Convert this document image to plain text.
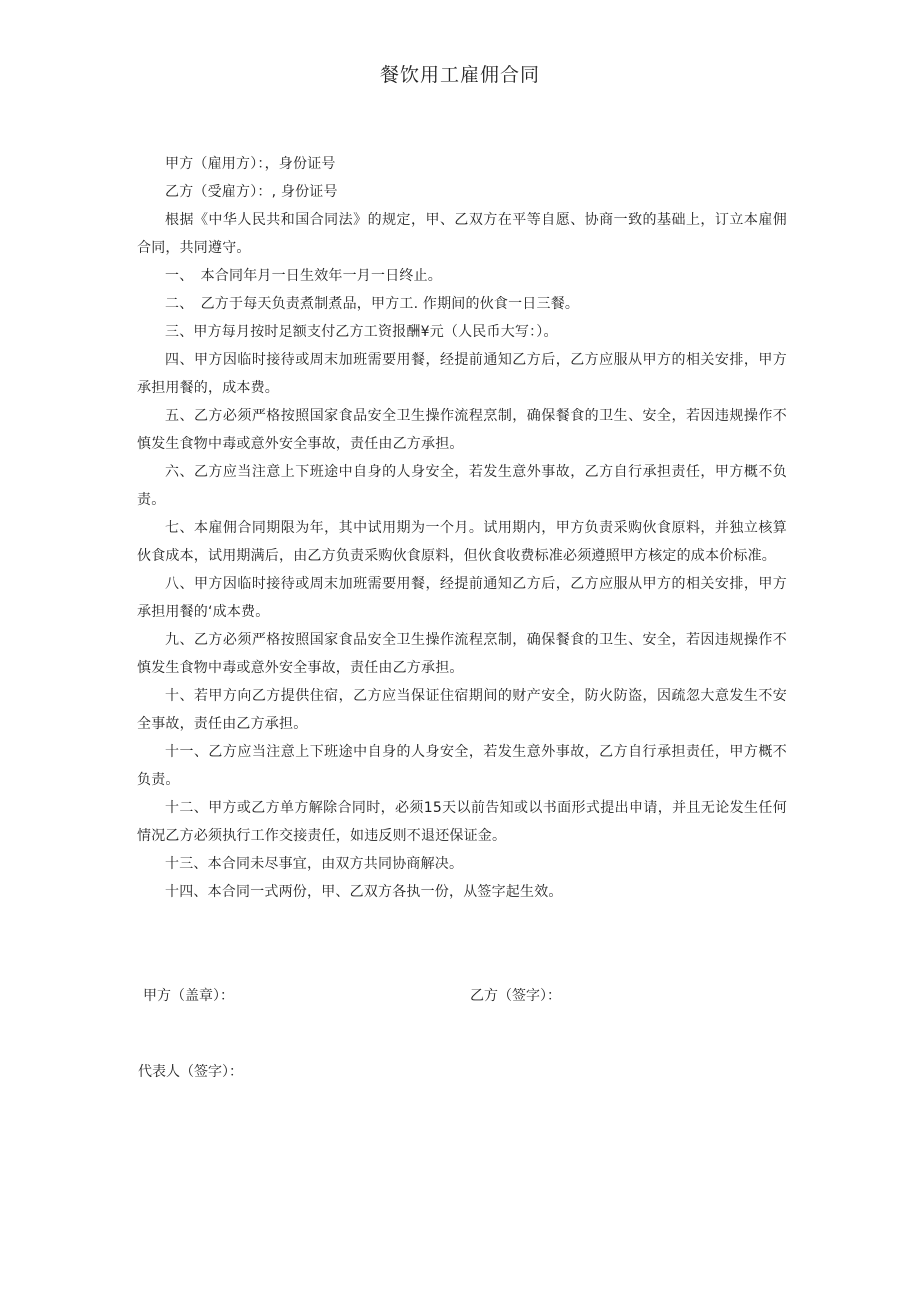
餐饮用工雇佣合同

甲方（雇用方）：，身份证号

乙方（受雇方）：, 身份证号

根据《中华人民共和国合同法》的规定，甲、乙双方在平等自愿、协商一致的基础上，订立本雇佣合同，共同遵守。

一、　本合同年月一日生效年一月一日终止。

二、　乙方于每天负责煮制煮品，甲方工. 作期间的伙食一日三餐。

三、甲方每月按时足额支付乙方工资报酬¥元（人民币大写：）。

四、甲方因临时接待或周末加班需要用餐，经提前通知乙方后，乙方应服从甲方的相关安排，甲方承担用餐的，成本费。

五、乙方必须严格按照国家食品安全卫生操作流程烹制，确保餐食的卫生、安全，若因违规操作不慎发生食物中毒或意外安全事故，责任由乙方承担。

六、乙方应当注意上下班途中自身的人身安全，若发生意外事故，乙方自行承担责任，甲方概不负责。

七、本雇佣合同期限为年，其中试用期为一个月。试用期内，甲方负责采购伙食原料，并独立核算伙食成本，试用期满后，由乙方负责采购伙食原料，但伙食收费标准必须遵照甲方核定的成本价标准。

八、甲方因临时接待或周末加班需要用餐，经提前通知乙方后，乙方应服从甲方的相关安排，甲方承担用餐的‘成本费。

九、乙方必须严格按照国家食品安全卫生操作流程烹制，确保餐食的卫生、安全，若因违规操作不慎发生食物中毒或意外安全事故，责任由乙方承担。

十、若甲方向乙方提供住宿，乙方应当保证住宿期间的财产安全，防火防盗，因疏忽大意发生不安全事故，责任由乙方承担。

十一、乙方应当注意上下班途中自身的人身安全，若发生意外事故，乙方自行承担责任，甲方概不负责。

十二、甲方或乙方单方解除合同时，必须15天以前告知或以书面形式提出申请，并且无论发生任何情况乙方必须执行工作交接责任，如违反则不退还保证金。

十三、本合同未尽事宜，由双方共同协商解决。

十四、本合同一式两份，甲、乙双方各执一份，从签字起生效。

甲方（盖章）：	乙方（签字）：
代表人（签字）：
